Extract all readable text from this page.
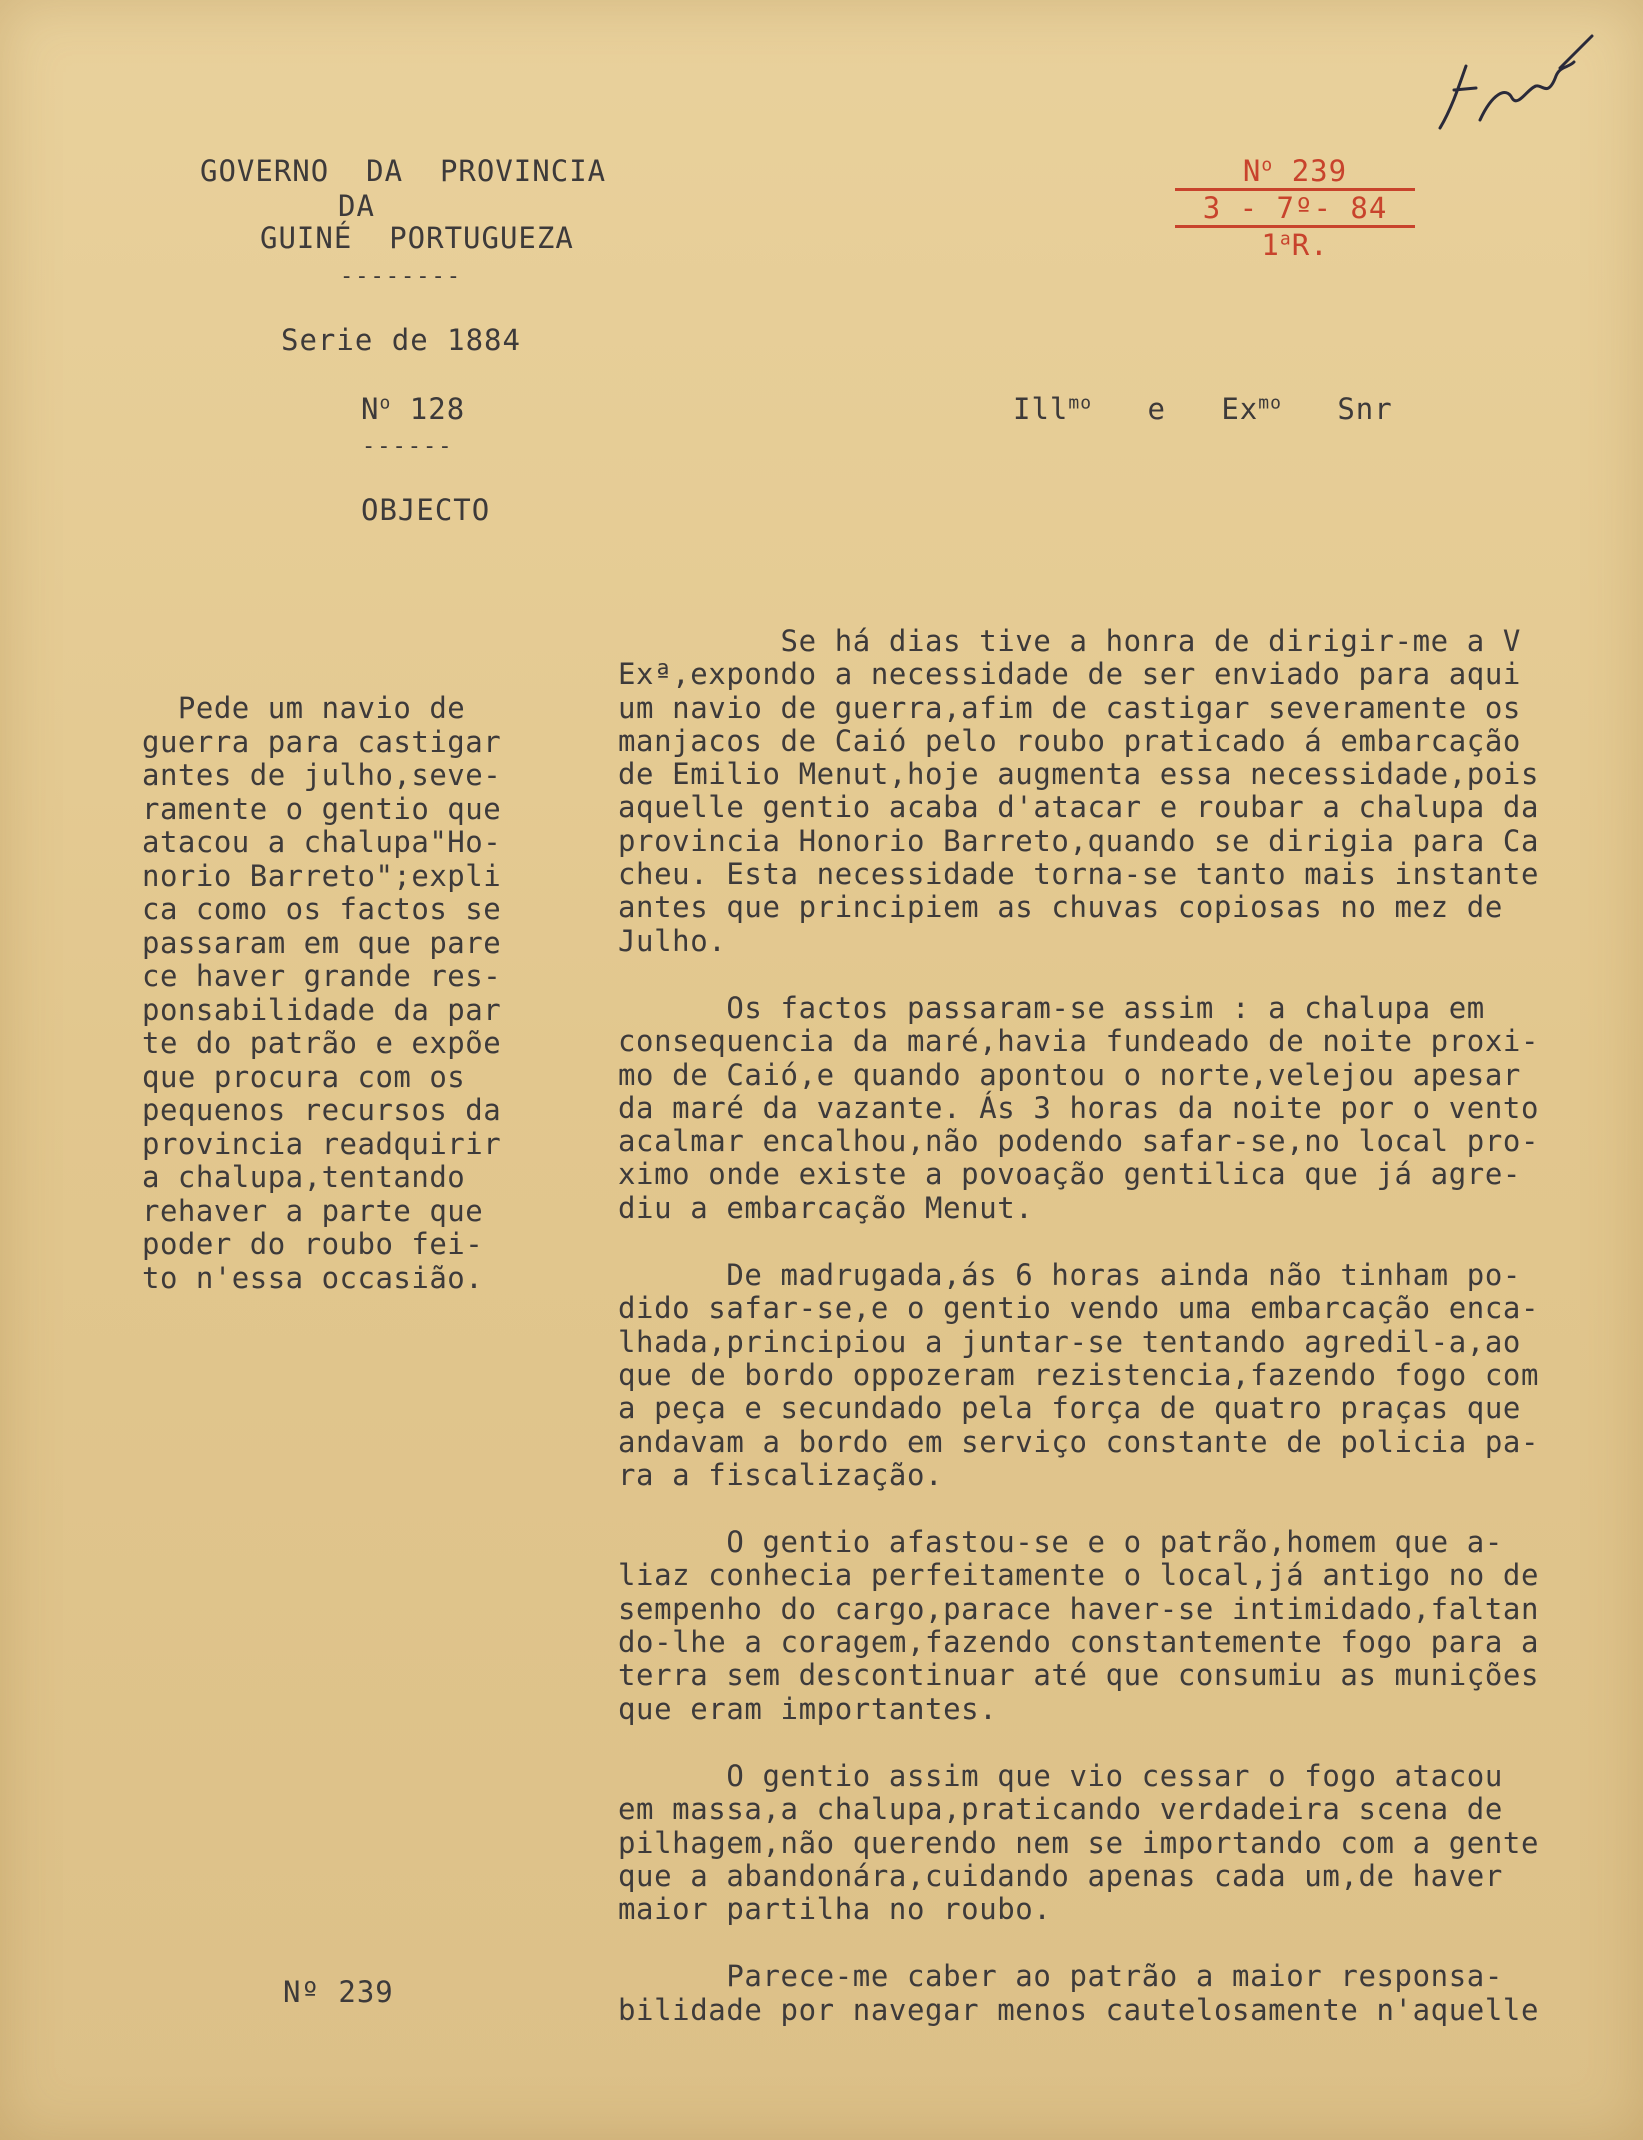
GOVERNO  DA  PROVINCIA
DA
GUINÉ  PORTUGUEZA
--------
Serie de 1884
$N^o$ 128
------
OBJECTO
$N^o$ 239
3 - 7º- 84
1$^a$R.
Ill$^{mo}$ e $Ex^{mo}$ Snr
Pede um navio de
guerra para castigar
antes de julho,seve-
ramente o gentio que
atacou a chalupa"Ho-
norio Barreto";expli
ca como os factos se
passaram em que pare
ce haver grande res-
ponsabilidade da par
te do patrão e expõe
que procura com os
pequenos recursos da
provincia readquirir
a chalupa,tentando
rehaver a parte que
poder do roubo fei-
to n'essa occasião.
Nº 239
Se há dias tive a honra de dirigir-me a V
Exª,expondo a necessidade de ser enviado para aqui
um navio de guerra,afim de castigar severamente os
manjacos de Caió pelo roubo praticado á embarcação
de Emilio Menut,hoje augmenta essa necessidade,pois
aquelle gentio acaba d'atacar e roubar a chalupa da
provincia Honorio Barreto,quando se dirigia para Ca
cheu. Esta necessidade torna-se tanto mais instante
antes que principiem as chuvas copiosas no mez de
Julho.
Os factos passaram-se assim : a chalupa em
consequencia da maré,havia fundeado de noite proxi-
mo de Caió,e quando apontou o norte,velejou apesar
da maré da vazante. Ás 3 horas da noite por o vento
acalmar encalhou,não podendo safar-se,no local pro-
ximo onde existe a povoação gentilica que já agre-
diu a embarcação Menut.
De madrugada,ás 6 horas ainda não tinham po-
dido safar-se,e o gentio vendo uma embarcação enca-
lhada,principiou a juntar-se tentando agredil-a,ao
que de bordo oppozeram rezistencia,fazendo fogo com
a peça e secundado pela força de quatro praças que
andavam a bordo em serviço constante de policia pa-
ra a fiscalização.
O gentio afastou-se e o patrão,homem que a-
liaz conhecia perfeitamente o local,já antigo no de
sempenho do cargo,parace haver-se intimidado,faltan
do-lhe a coragem,fazendo constantemente fogo para a
terra sem descontinuar até que consumiu as munições
que eram importantes.
O gentio assim que vio cessar o fogo atacou
em massa,a chalupa,praticando verdadeira scena de
pilhagem,não querendo nem se importando com a gente
que a abandonára,cuidando apenas cada um,de haver
maior partilha no roubo.
Parece-me caber ao patrão a maior responsa-
bilidade por navegar menos cautelosamente n'aquelle
